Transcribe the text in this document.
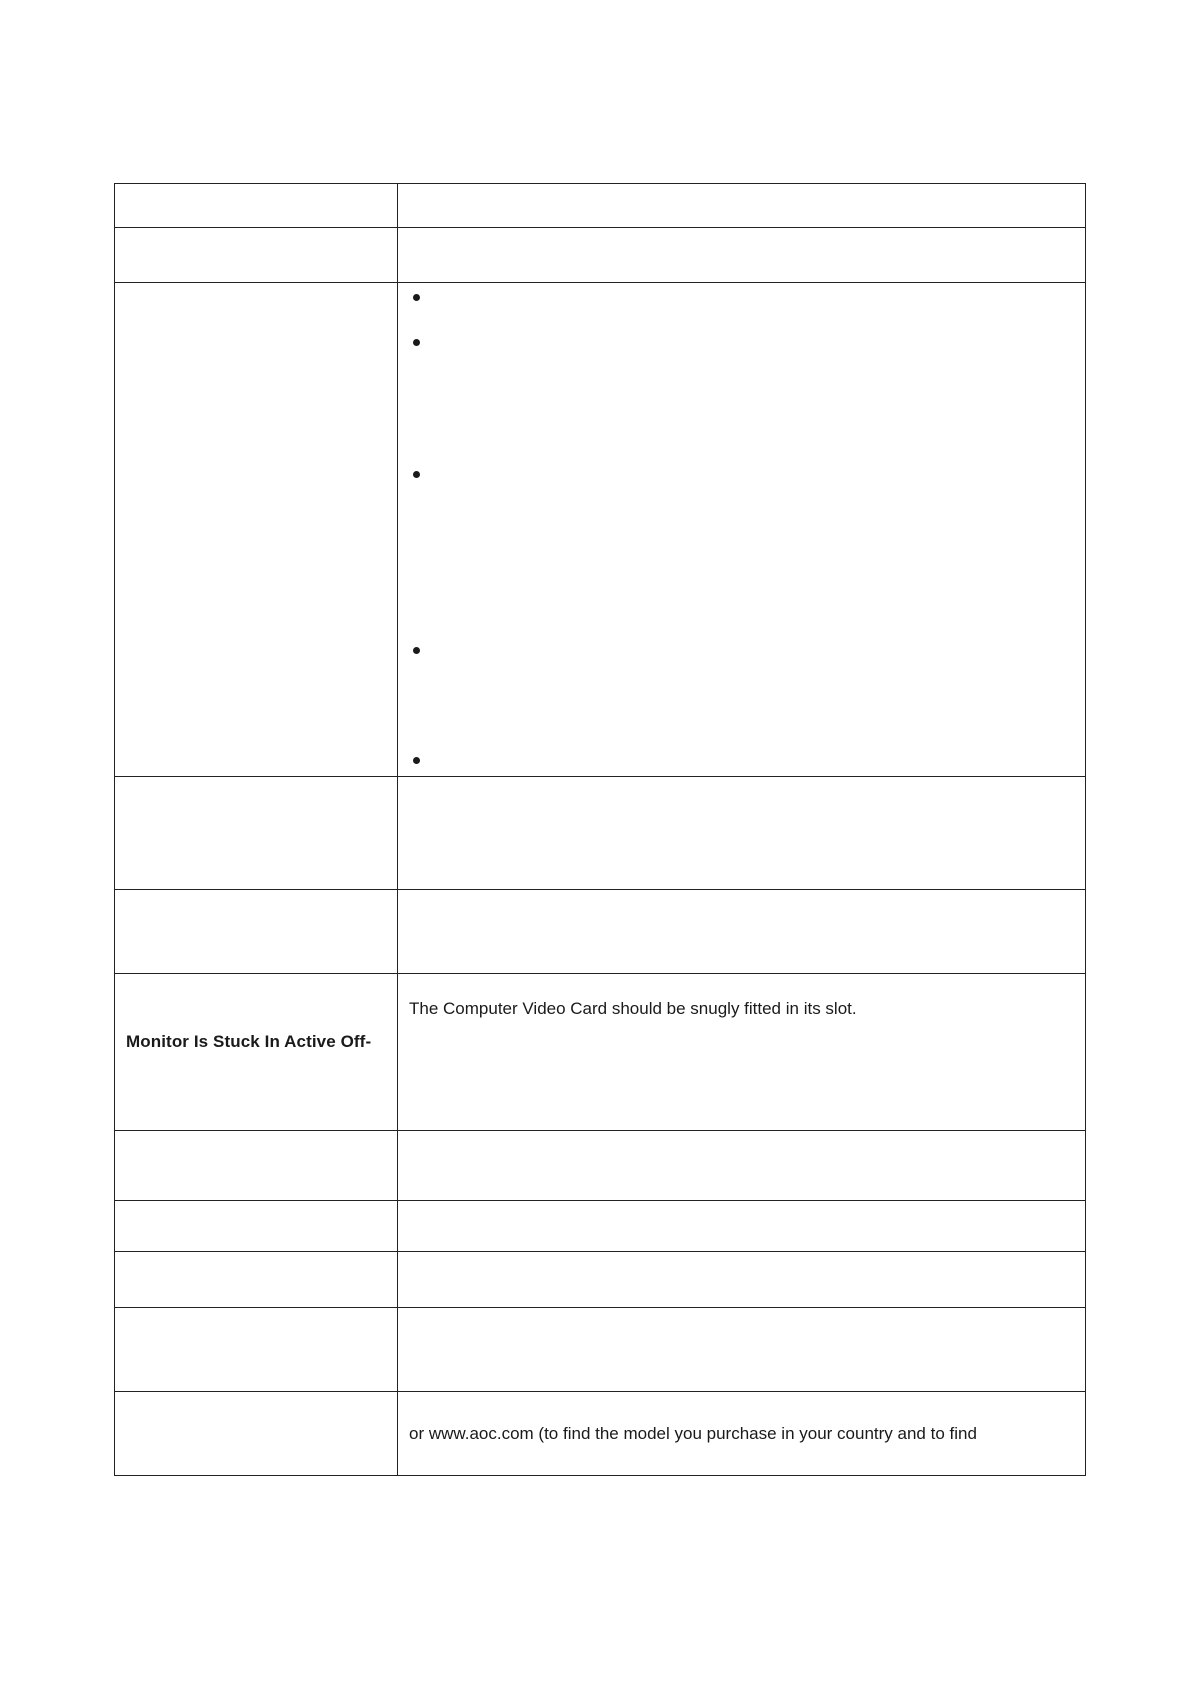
Monitor Is Stuck In Active Off-	The Computer Video Card should be snugly fitted in its slot.

	or www.aoc.com (to find the model you purchase in your country and to find
